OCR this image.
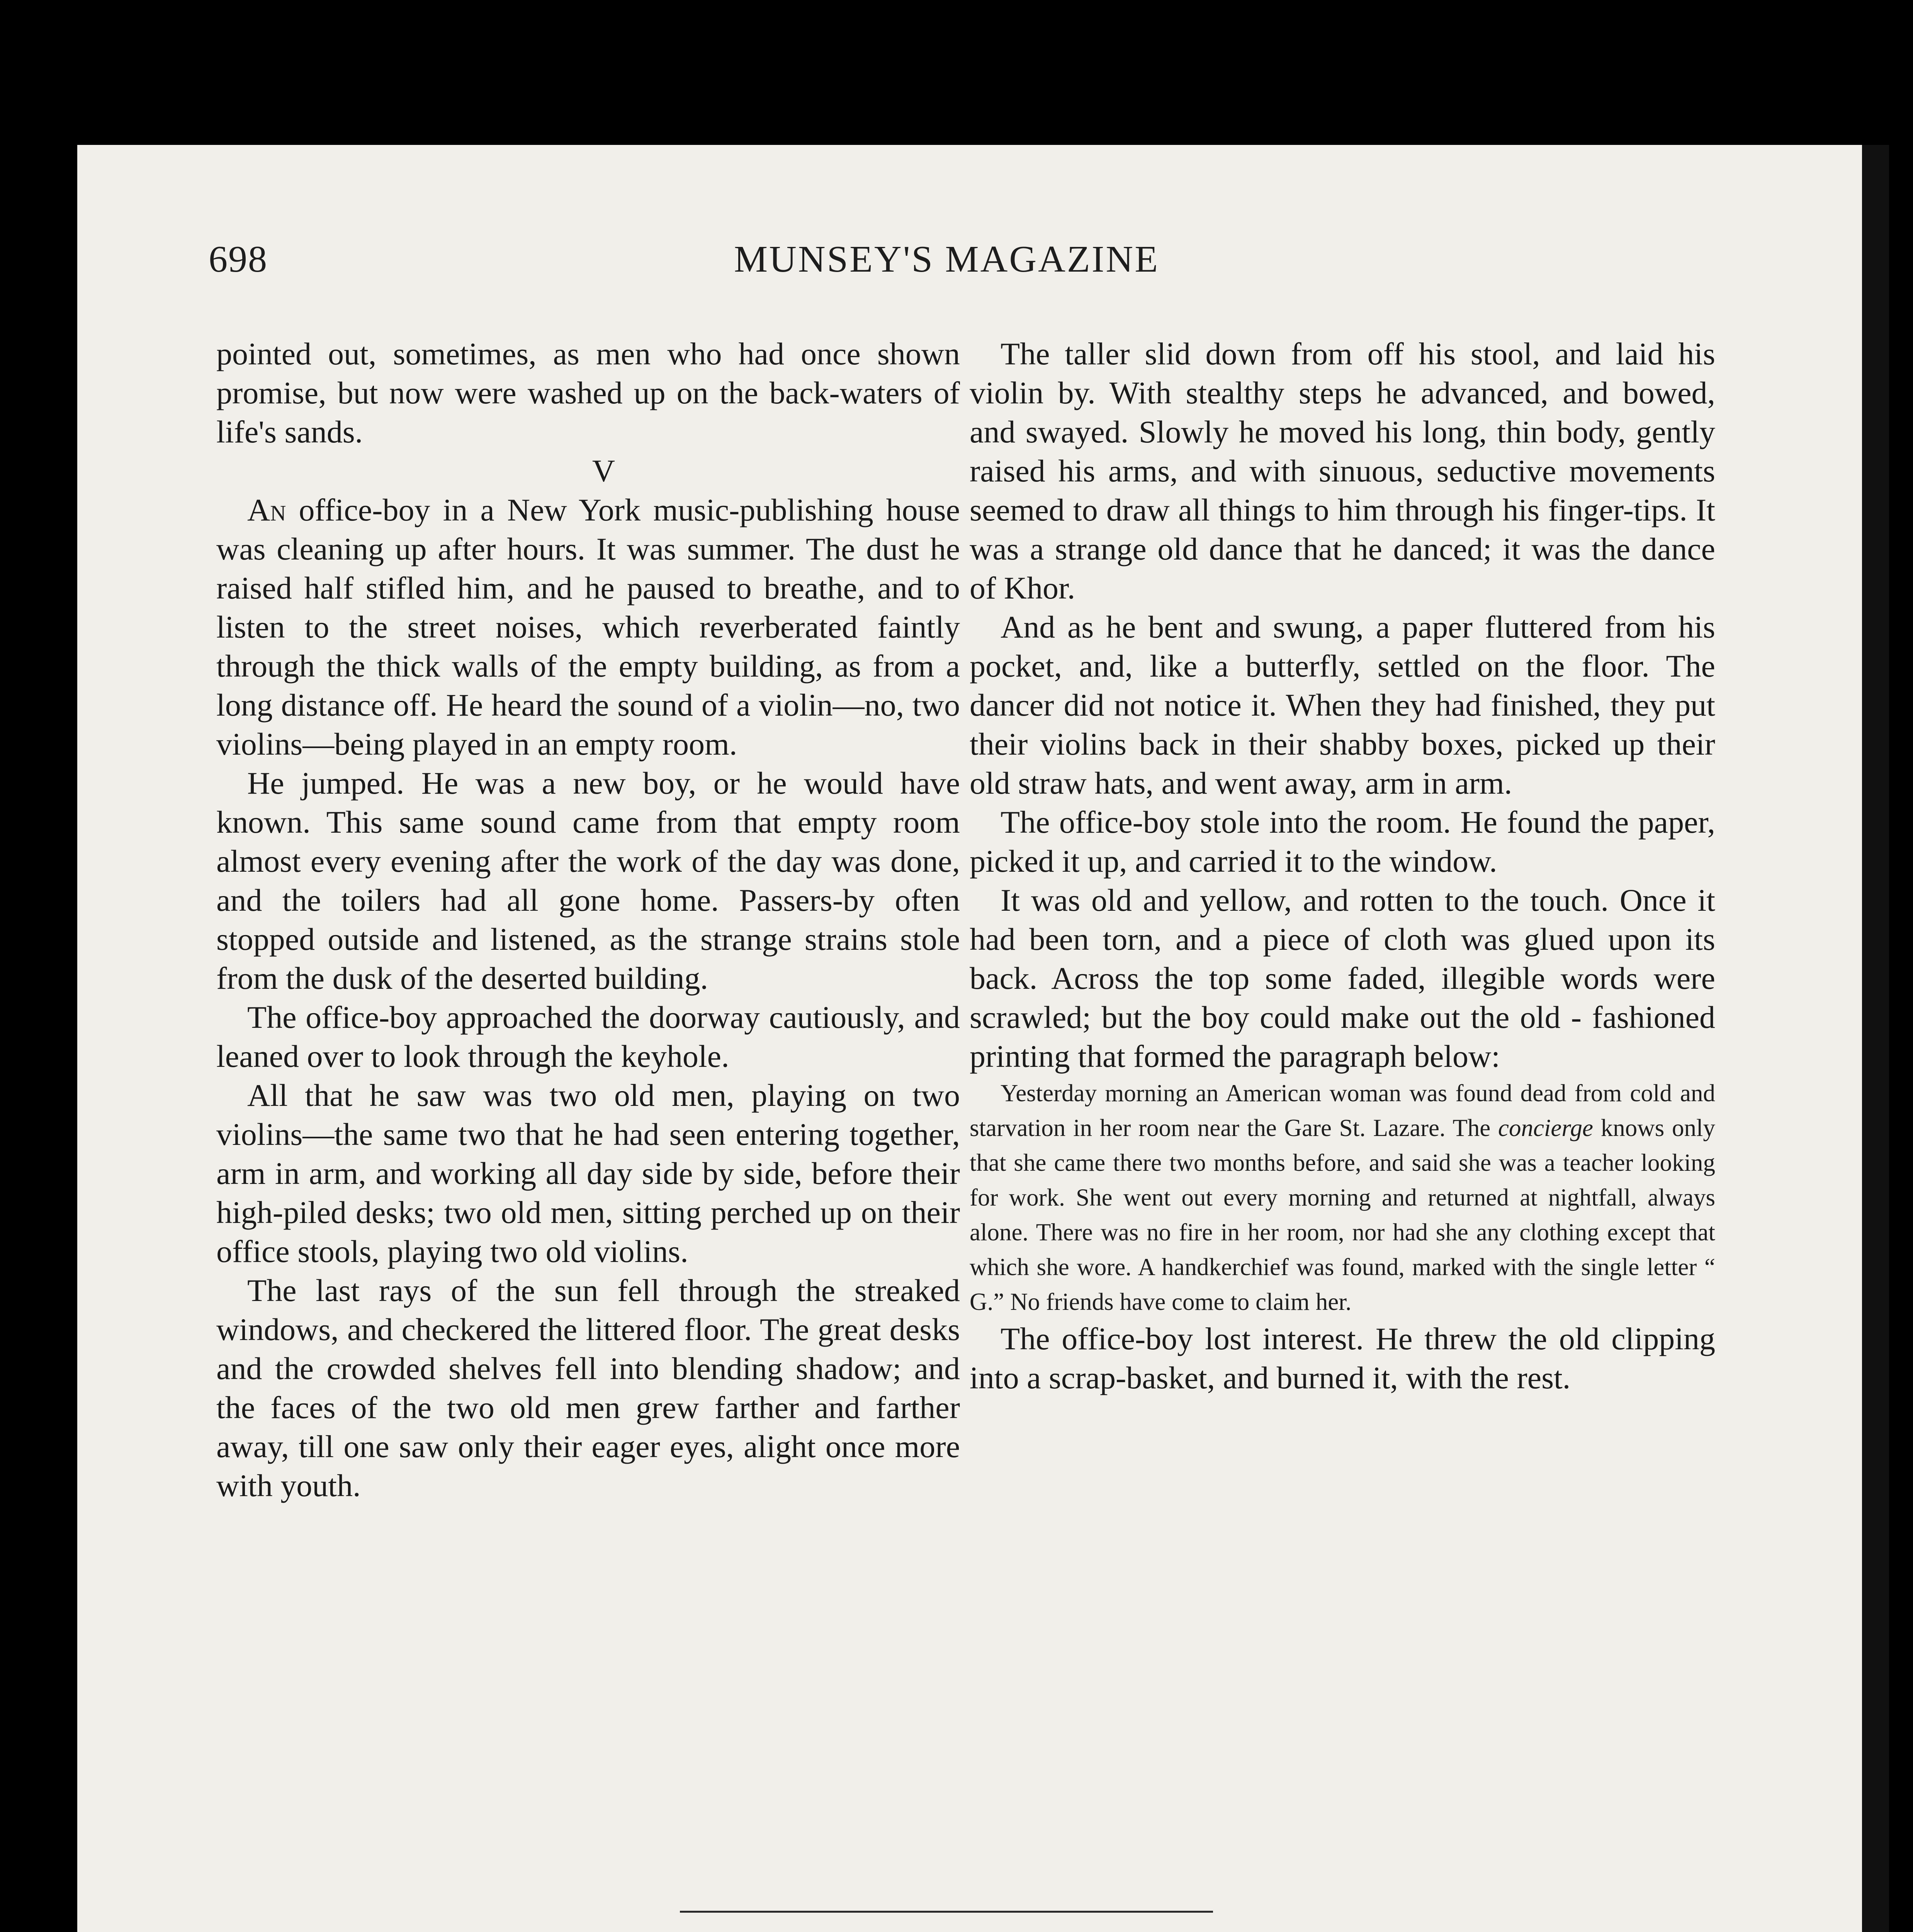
698	MUNSEY'S MAGAZINE

pointed out, sometimes, as men who had once shown promise, but now were washed up on the back-waters of life's sands.

V

An office-boy in a New York music-publishing house was cleaning up after hours. It was summer. The dust he raised half stifled him, and he paused to breathe, and to listen to the street noises, which reverberated faintly through the thick walls of the empty building, as from a long distance off. He heard the sound of a violin—no, two violins—being played in an empty room.

He jumped. He was a new boy, or he would have known. This same sound came from that empty room almost every evening after the work of the day was done, and the toilers had all gone home. Passers-by often stopped outside and listened, as the strange strains stole from the dusk of the deserted building.

The office-boy approached the doorway cautiously, and leaned over to look through the keyhole.

All that he saw was two old men, playing on two violins—the same two that he had seen entering together, arm in arm, and working all day side by side, before their high-piled desks; two old men, sitting perched up on their office stools, playing two old violins.

The last rays of the sun fell through the streaked windows, and checkered the littered floor. The great desks and the crowded shelves fell into blending shadow; and the faces of the two old men grew farther and farther away, till one saw only their eager eyes, alight once more with youth.

The taller slid down from off his stool, and laid his violin by. With stealthy steps he advanced, and bowed, and swayed. Slowly he moved his long, thin body, gently raised his arms, and with sinuous, seductive movements seemed to draw all things to him through his finger-tips. It was a strange old dance that he danced; it was the dance of Khor.

And as he bent and swung, a paper fluttered from his pocket, and, like a butterfly, settled on the floor. The dancer did not notice it. When they had finished, they put their violins back in their shabby boxes, picked up their old straw hats, and went away, arm in arm.

The office-boy stole into the room. He found the paper, picked it up, and carried it to the window.

It was old and yellow, and rotten to the touch. Once it had been torn, and a piece of cloth was glued upon its back. Across the top some faded, illegible words were scrawled; but the boy could make out the old - fashioned printing that formed the paragraph below:

Yesterday morning an American woman was found dead from cold and starvation in her room near the Gare St. Lazare. The concierge knows only that she came there two months before, and said she was a teacher looking for work. She went out every morning and returned at nightfall, always alone. There was no fire in her room, nor had she any clothing except that which she wore. A handkerchief was found, marked with the single letter “ G.” No friends have come to claim her.

The office-boy lost interest. He threw the old clipping into a scrap-basket, and burned it, with the rest.
